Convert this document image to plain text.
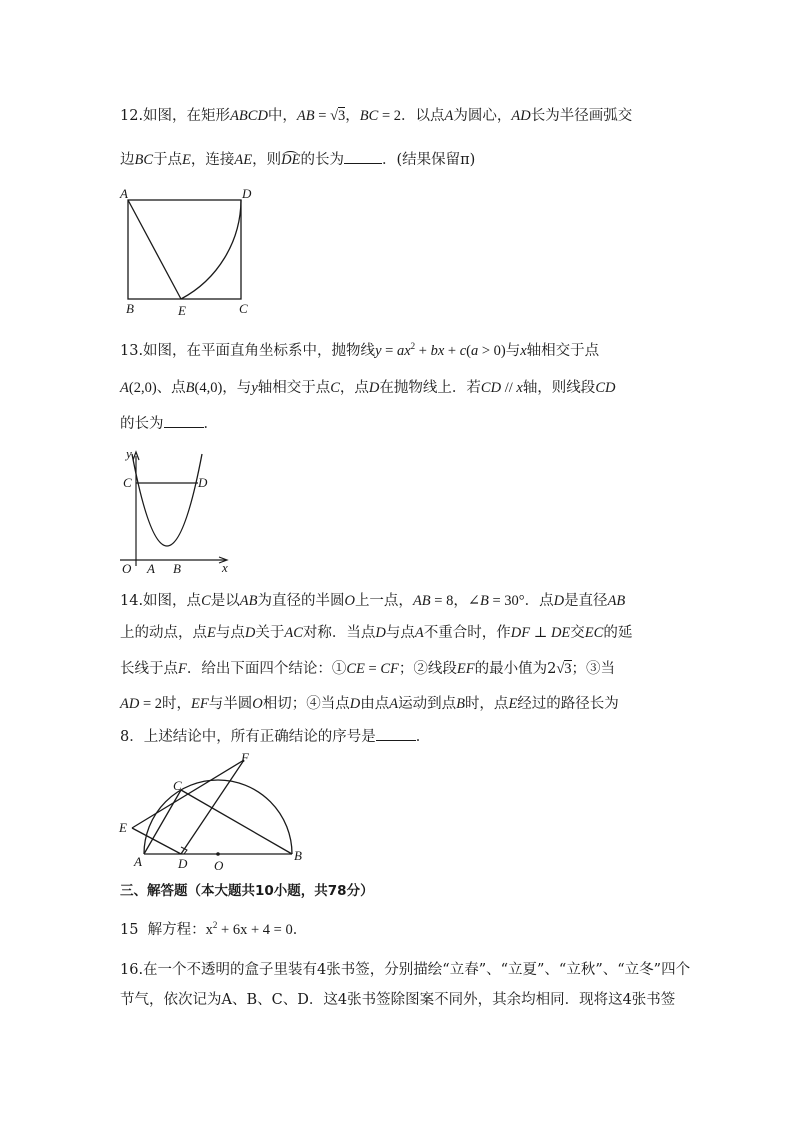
12.如图，在矩形ABCD中，AB = √3，BC = 2．以点A为圆心，AD长为半径画弧交
边BC于点E，连接AE，则DE的长为	．(结果保留π)
A	D
B	E	C
13.如图，在平面直角坐标系中，抛物线$y = ax^2$ + bx + c(a > 0)与x轴相交于点
A(2,0)、点B(4,0)，与y轴相交于点C，点D在抛物线上．若CD // x轴，则线段CD
的长为	．
y
x
C	D
O A B
14.如图，点C是以AB为直径的半圆O上一点，AB = 8，∠B = 30°．点D是直径AB
上的动点，点E与点D关于AC对称．当点D与点A不重合时，作DF ⊥ DE交EC的延
长线于点F．给出下面四个结论：①CE = CF；②线段EF的最小值为2√3；③当
AD = 2时，EF与半圆O相切；④当点D由点A运动到点B时，点E经过的路径长为
8．上述结论中，所有正确结论的序号是	．
F
C
E
A	D O
B
三、解答题（本大题共10小题，共78分）
15 解方程：$x^2 + 6x + 4 = 0$．
16.在一个不透明的盒子里装有4张书签，分别描绘“立春”、“立夏”、“立秋”、“立冬”四个
节气，依次记为A、B、C、D．这4张书签除图案不同外，其余均相同．现将这4张书签
